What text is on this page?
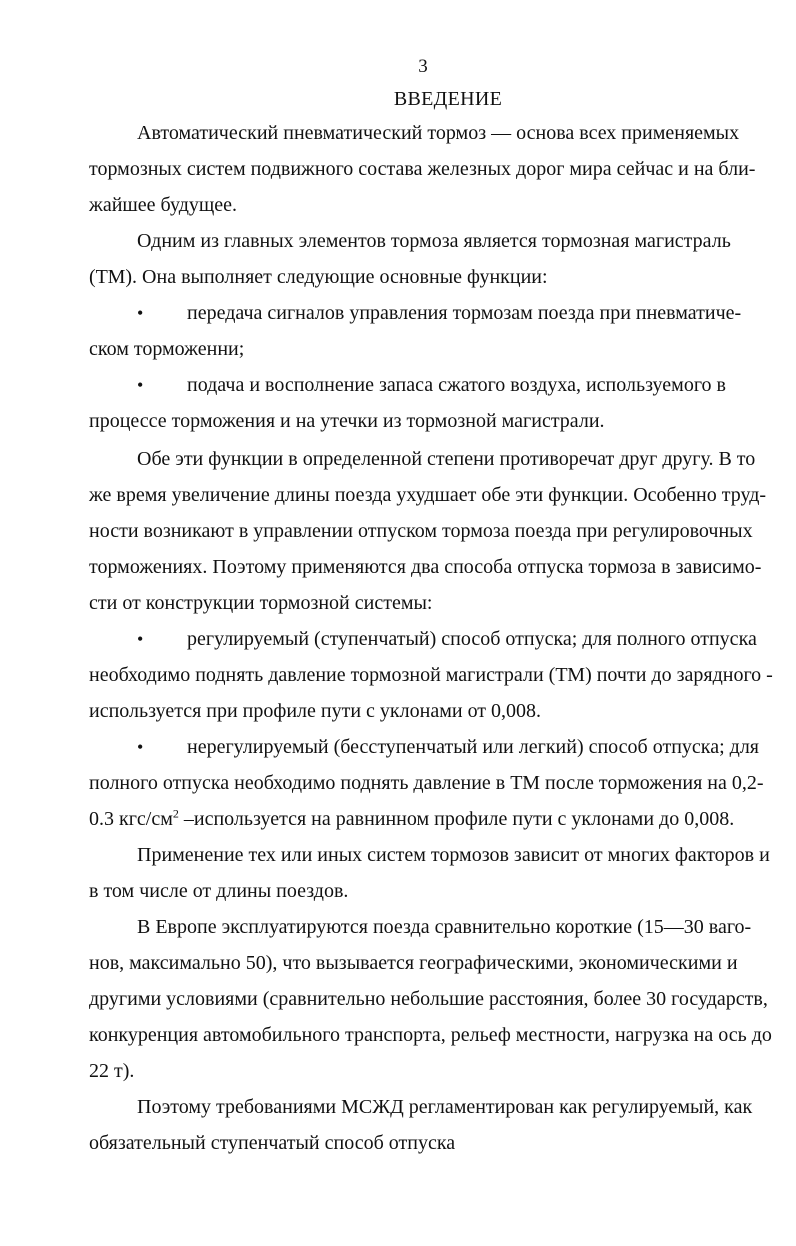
3
ВВЕДЕНИЕ
Автоматический пневматический тормоз — основа всех применяемых
тормозных систем подвижного состава железных дорог мира сейчас и на бли-
жайшее будущее.
Одним из главных элементов тормоза является тормозная магистраль
(ТМ). Она выполняет следующие основные функции:
• передача сигналов управления тормозам поезда при пневматиче-
ском торможенни;
• подача и восполнение запаса сжатого воздуха, используемого в
процессе торможения и на утечки из тормозной магистрали.
Обе эти функции в определенной степени противоречат друг другу. В то
же время увеличение длины поезда ухудшает обе эти функции. Особенно труд-
ности возникают в управлении отпуском тормоза поезда при регулировочных
торможениях. Поэтому применяются два способа отпуска тормоза в зависимо-
сти от конструкции тормозной системы:
• регулируемый (ступенчатый) способ отпуска; для полного отпуска
необходимо поднять давление тормозной магистрали (ТМ) почти до зарядного -
используется при профиле пути с уклонами от 0,008.
• нерегулируемый (бесступенчатый или легкий) способ отпуска; для
полного отпуска необходимо поднять давление в ТМ после торможения на 0,2-
0.3 кгс/$см^2$ –используется на равнинном профиле пути с уклонами до 0,008.
Применение тех или иных систем тормозов зависит от многих факторов и
в том числе от длины поездов.
В Европе эксплуатируются поезда сравнительно короткие (15—30 ваго-
нов, максимально 50), что вызывается географическими, экономическими и
другими условиями (сравнительно небольшие расстояния, более 30 государств,
конкуренция автомобильного транспорта, рельеф местности, нагрузка на ось до
22 т).
Поэтому требованиями МСЖД регламентирован как регулируемый, как
обязательный ступенчатый способ отпуска
